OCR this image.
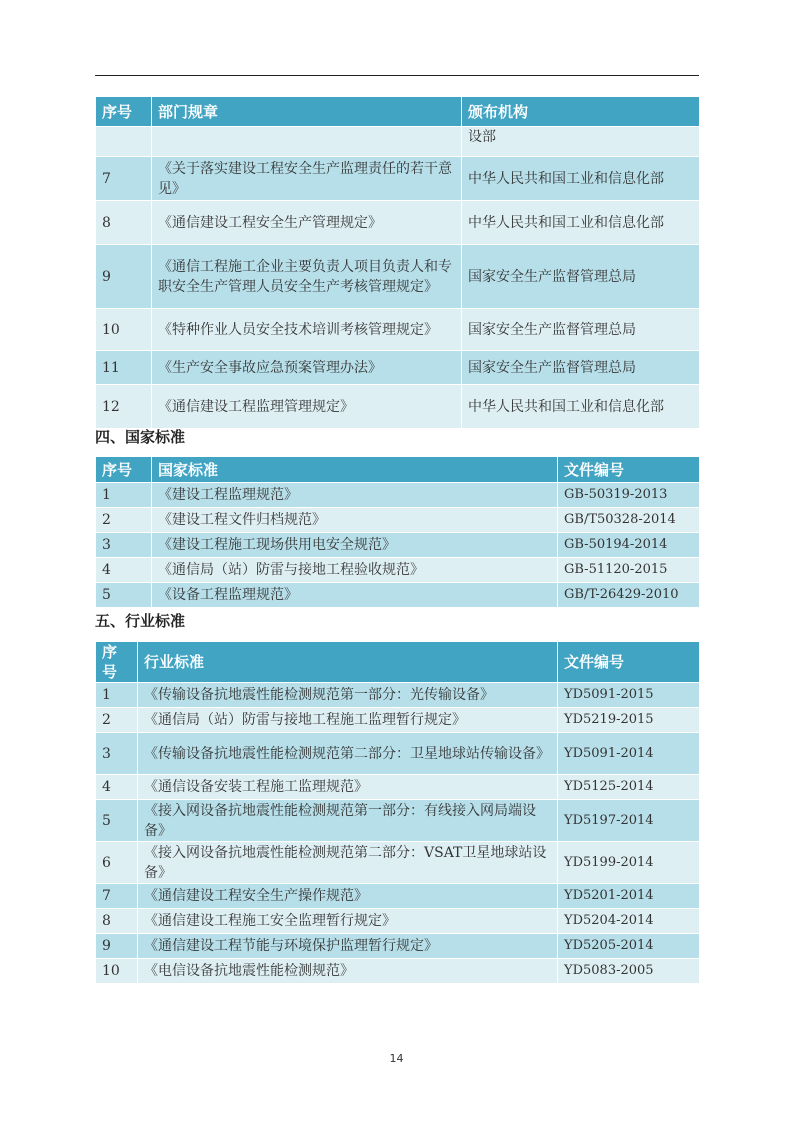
序号	部门规章	颁布机构
		设部
7	《关于落实建设工程安全生产监理责任的若干意见》	中华人民共和国工业和信息化部
8	《通信建设工程安全生产管理规定》	中华人民共和国工业和信息化部
9	《通信工程施工企业主要负责人项目负责人和专职安全生产管理人员安全生产考核管理规定》	国家安全生产监督管理总局
10	《特种作业人员安全技术培训考核管理规定》	国家安全生产监督管理总局
11	《生产安全事故应急预案管理办法》	国家安全生产监督管理总局
12	《通信建设工程监理管理规定》	中华人民共和国工业和信息化部
四、国家标准
序号	国家标准	文件编号
1	《建设工程监理规范》	GB-50319-2013
2	《建设工程文件归档规范》	GB/T50328-2014
3	《建设工程施工现场供用电安全规范》	GB-50194-2014
4	《通信局（站）防雷与接地工程验收规范》	GB-51120-2015
5	《设备工程监理规范》	GB/T-26429-2010
五、行业标准
序号	行业标准	文件编号
1	《传输设备抗地震性能检测规范第一部分：光传输设备》	YD5091-2015
2	《通信局（站）防雷与接地工程施工监理暂行规定》	YD5219-2015
3	《传输设备抗地震性能检测规范第二部分：卫星地球站传输设备》	YD5091-2014
4	《通信设备安装工程施工监理规范》	YD5125-2014
5	《接入网设备抗地震性能检测规范第一部分：有线接入网局端设备》	YD5197-2014
6	《接入网设备抗地震性能检测规范第二部分：VSAT卫星地球站设备》	YD5199-2014
7	《通信建设工程安全生产操作规范》	YD5201-2014
8	《通信建设工程施工安全监理暂行规定》	YD5204-2014
9	《通信建设工程节能与环境保护监理暂行规定》	YD5205-2014
10	《电信设备抗地震性能检测规范》	YD5083-2005
14
